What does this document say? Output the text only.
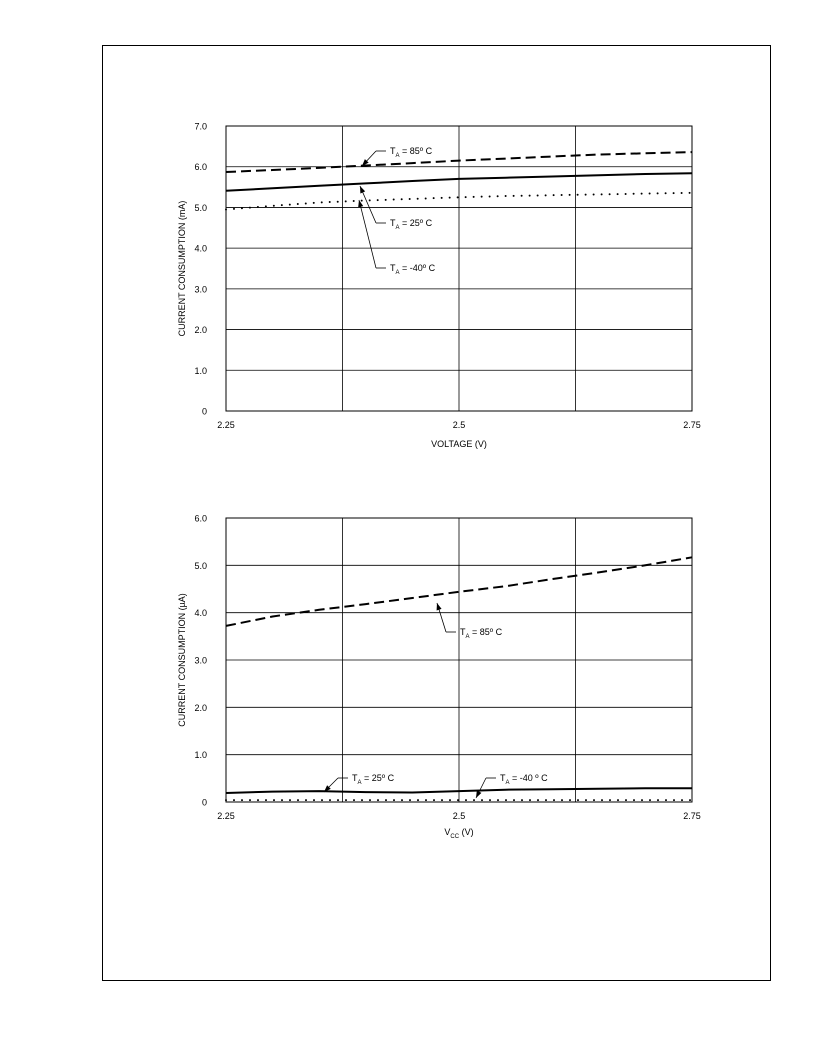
0
1.0
2.0
3.0
4.0
5.0
6.0
7.0
2.25	2.5	2.75
$T_A$ = 85º C
$T_A$ = 25º C
$T_A$ = -40º C
CURRENT CONSUMPTION (mA)
VOLTAGE (V)
0
1.0
2.0
3.0
4.0
5.0
6.0
2.25	2.5	2.75
$T_A$ = 85º C
$T_A$ = 25º C	$T_A = -40$ º C
CURRENT CONSUMPTION (µA)
$V_{CC}$ (V)
